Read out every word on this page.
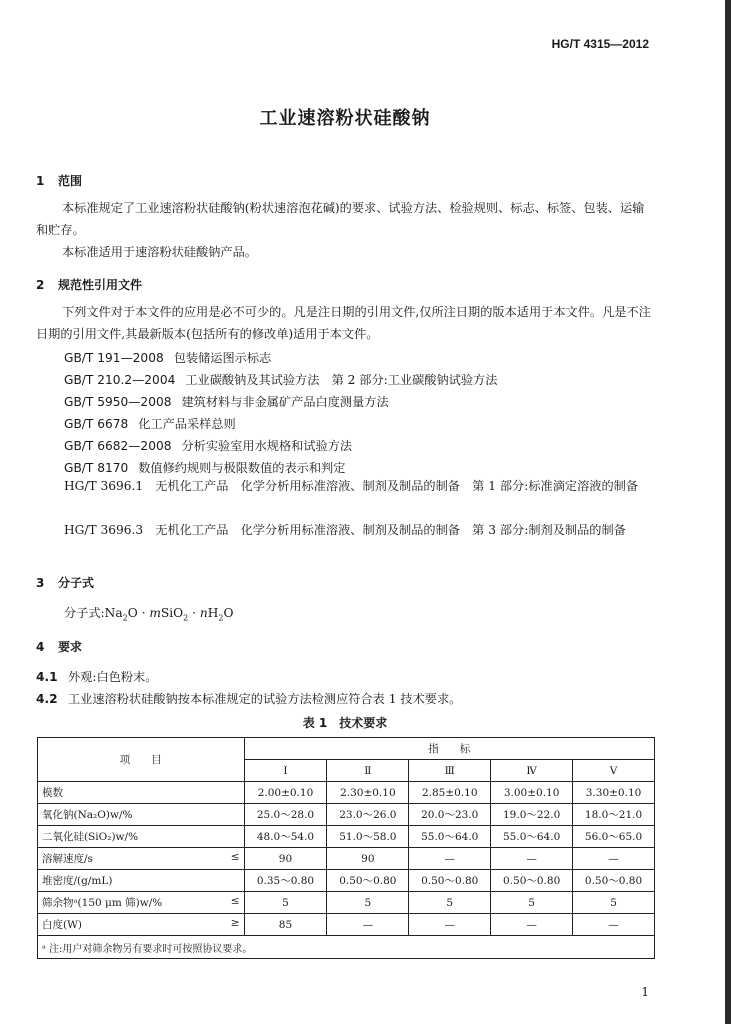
HG/T 4315—2012
工业速溶粉状硅酸钠
1 范围

本标准规定了工业速溶粉状硅酸钠(粉状速溶泡花碱)的要求、试验方法、检验规则、标志、标签、包装、运输和贮存。

本标准适用于速溶粉状硅酸钠产品。

2 规范性引用文件

下列文件对于本文件的应用是必不可少的。凡是注日期的引用文件,仅所注日期的版本适用于本文件。凡是不注日期的引用文件,其最新版本(包括所有的修改单)适用于本文件。

GB/T 191—2008 包装储运图示标志
GB/T 210.2—2004 工业碳酸钠及其试验方法　第 2 部分:工业碳酸钠试验方法
GB/T 5950—2008 建筑材料与非金属矿产品白度测量方法
GB/T 6678 化工产品采样总则
GB/T 6682—2008 分析实验室用水规格和试验方法
GB/T 8170 数值修约规则与极限数值的表示和判定

HG/T 3696.1　无机化工产品　化学分析用标准溶液、制剂及制品的制备　第 1 部分:标准滴定溶液的制备

HG/T 3696.3　无机化工产品　化学分析用标准溶液、制剂及制品的制备　第 3 部分:制剂及制品的制备

3 分子式
分子式$:Na_2O$ · mSiO$_2$ · $nH_2O$
4 要求
4.1 外观:白色粉末。
4.2 工业速溶粉状硅酸钠按本标准规定的试验方法检测应符合表 1 技术要求。
表 1　技术要求
项　　目	指　　标				
	Ⅰ	Ⅱ	Ⅲ	Ⅳ	Ⅴ
模数	2.00±0.10	2.30±0.10	2.85±0.10	3.00±0.10	3.30±0.10
氧化钠(Na₂O)w/%	25.0～28.0	23.0～26.0	20.0～23.0	19.0～22.0	18.0～21.0
二氧化硅(SiO₂)w/%	48.0～54.0	51.0～58.0	55.0～64.0	55.0～64.0	56.0～65.0
溶解速度/s ≤	90	90	—	—	—
堆密度/(g/mL)	0.35～0.80	0.50～0.80	0.50～0.80	0.50～0.80	0.50～0.80
筛余物ᵃ(150 μm 筛)w/% ≤	5	5	5	5	5
白度(W) ≥	85	—	—	—	—
ᵃ 注:用户对筛余物另有要求时可按照协议要求。					
1
